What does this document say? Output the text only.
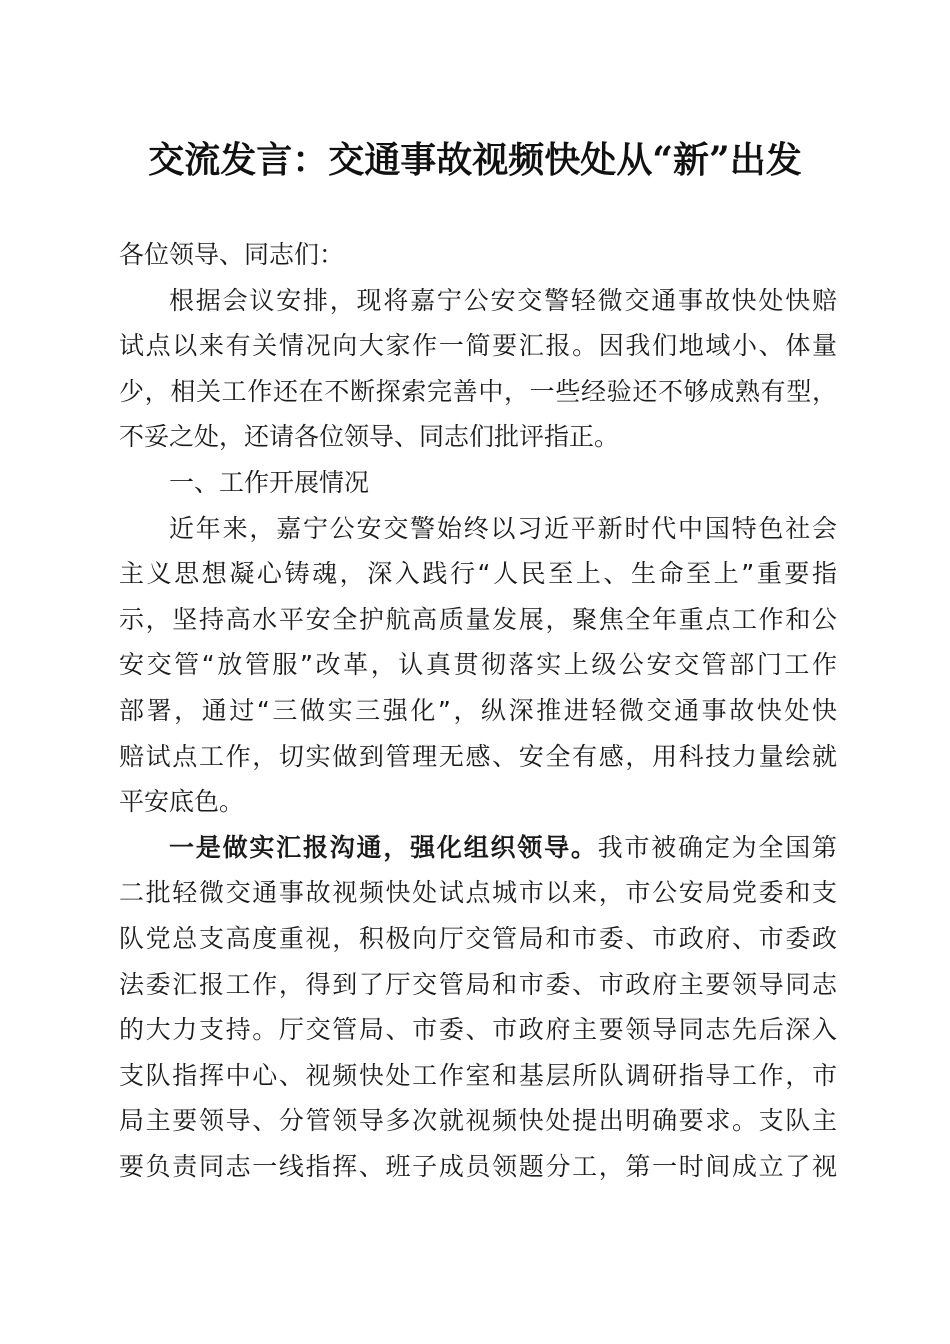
交流发言：交通事故视频快处从“新”出发
各位领导、同志们：
根据会议安排，现将嘉宁公安交警轻微交通事故快处快赔
试点以来有关情况向大家作一简要汇报。因我们地域小、体量
少，相关工作还在不断探索完善中，一些经验还不够成熟有型，
不妥之处，还请各位领导、同志们批评指正。
一、工作开展情况
近年来，嘉宁公安交警始终以习近平新时代中国特色社会
主义思想凝心铸魂，深入践行“人民至上、生命至上”重要指
示，坚持高水平安全护航高质量发展，聚焦全年重点工作和公
安交管“放管服”改革，认真贯彻落实上级公安交管部门工作
部署，通过“三做实三强化”，纵深推进轻微交通事故快处快
赔试点工作，切实做到管理无感、安全有感，用科技力量绘就
平安底色。
一是做实汇报沟通，强化组织领导。我市被确定为全国第
二批轻微交通事故视频快处试点城市以来，市公安局党委和支
队党总支高度重视，积极向厅交管局和市委、市政府、市委政
法委汇报工作，得到了厅交管局和市委、市政府主要领导同志
的大力支持。厅交管局、市委、市政府主要领导同志先后深入
支队指挥中心、视频快处工作室和基层所队调研指导工作，市
局主要领导、分管领导多次就视频快处提出明确要求。支队主
要负责同志一线指挥、班子成员领题分工，第一时间成立了视
